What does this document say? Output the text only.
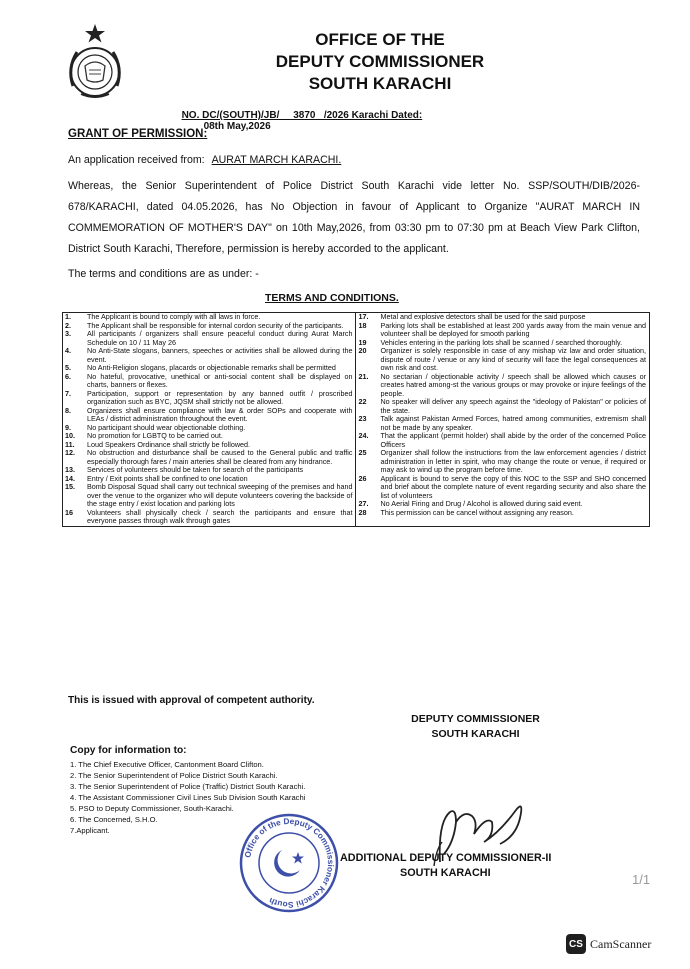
OFFICE OF THE
DEPUTY COMMISSIONER
SOUTH KARACHI

NO. DC/(SOUTH)/JB/     3870   /2026 Karachi Dated:
08th May,2026

GRANT OF PERMISSION:
An application received from: AURAT MARCH KARACHI.
Whereas, the Senior Superintendent of Police District South Karachi vide letter No. SSP/SOUTH/DIB/2026-678/KARACHI, dated 04.05.2026, has No Objection in favour of Applicant to Organize "AURAT MARCH IN COMMEMORATION OF MOTHER'S DAY" on 10th May,2026, from 03:30 pm to 07:30 pm at Beach View Park Clifton, District South Karachi, Therefore, permission is hereby accorded to the applicant.
The terms and conditions are as under: -
TERMS AND CONDITIONS.
1.	The Applicant is bound to comply with all laws in force.
2.	The Applicant shall be responsible for internal cordon security of the participants.
3.	All participants / organizers shall ensure peaceful conduct during Aurat March Schedule on 10 / 11 May 26
4.	No Anti-State slogans, banners, speeches or activities shall be allowed during the event.
5.	No Anti-Religion slogans, placards or objectionable remarks shall be permitted
6.	No hateful, provocative, unethical or anti-social content shall be displayed on charts, banners or flexes.
7.	Participation, support or representation by any banned outfit / proscribed organization such as BYC, JQSM shall strictly not be allowed.
8.	Organizers shall ensure compliance with law & order SOPs and cooperate with LEAs / district administration throughout the event.
9.	No participant should wear objectionable clothing.
10.	No promotion for LGBTQ to be carried out.
11.	Loud Speakers Ordinance shall strictly be followed.
12.	No obstruction and disturbance shall be caused to the General public and traffic especially thorough fares / main arteries shall be cleared from any hindrance.
13.	Services of volunteers should be taken for search of the participants
14.	Entry / Exit points shall be confined to one location
15.	Bomb Disposal Squad shall carry out technical sweeping of the premises and hand over the venue to the organizer who will depute volunteers covering the backside of the stage entry / exist location and parking lots
16	Volunteers shall physically check / search the participants and ensure that everyone passes through walk through gates

17.	Metal and explosive detectors shall be used for the said purpose
18	Parking lots shall be established at least 200 yards away from the main venue and volunteer shall be deployed for smooth parking
19	Vehicles entering in the parking lots shall be scanned / searched thoroughly.
20	Organizer is solely responsible in case of any mishap viz law and order situation, dispute of route / venue or any kind of security will face the legal consequences at own risk and cost.
21.	No sectarian / objectionable activity / speech shall be allowed which causes or creates hatred among-st the various groups or may provoke or injure feelings of the people.
22	No speaker will deliver any speech against the "ideology of Pakistan" or policies of the state.
23	Talk against Pakistan Armed Forces, hatred among communities, extremism shall not be made by any speaker.
24.	That the applicant (permit holder) shall abide by the order of the concerned Police Officers
25	Organizer shall follow the instructions from the law enforcement agencies / district administration in letter in spirit, who may change the route or venue, if required or may ask to wind up the program before time.
26	Applicant is bound to serve the copy of this NOC to the SSP and SHO concerned and brief about the complete nature of event regarding security and also share the list of volunteers
27.	No Aerial Firing and Drug / Alcohol is allowed during said event.
28	This permission can be cancel without assigning any reason.
This is issued with approval of competent authority.
DEPUTY COMMISSIONER
SOUTH KARACHI
Copy for information to:
1. The Chief Executive Officer, Cantonment Board Clifton.
2. The Senior Superintendent of Police District South Karachi.
3. The Senior Superintendent of Police (Traffic) District South Karachi.
4. The Assistant Commissioner Civil Lines Sub Division South Karachi
5. PSO to Deputy Commissioner, South-Karachi.
6. The Concerned, S.H.O.
7.Applicant.
Office of the Deputy Commissioner Karachi South
ADDITIONAL DEPUTY COMMISSIONER-II
SOUTH KARACHI	1/1
CS CamScanner
